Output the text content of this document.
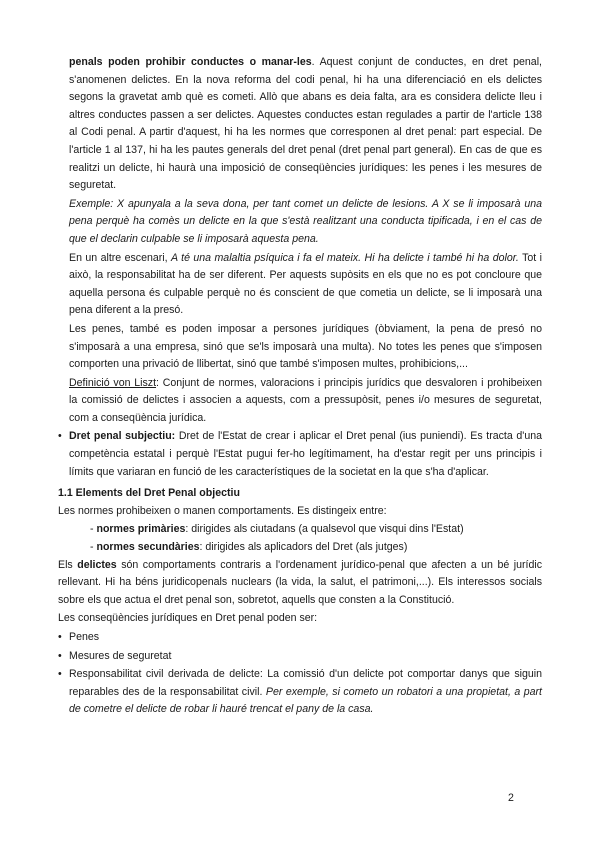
penals poden prohibir conductes o manar-les. Aquest conjunt de conductes, en dret penal, s'anomenen delictes. En la nova reforma del codi penal, hi ha una diferenciació en els delictes segons la gravetat amb què es cometi. Allò que abans es deia falta, ara es considera delicte lleu i altres conductes passen a ser delictes. Aquestes conductes estan regulades a partir de l'article 138 al Codi penal. A partir d'aquest, hi ha les normes que corresponen al dret penal: part especial. De l'article 1 al 137, hi ha les pautes generals del dret penal (dret penal part general). En cas de que es realitzi un delicte, hi haurà una imposició de conseqüències jurídiques: les penes i les mesures de seguretat.

Exemple: X apunyala a la seva dona, per tant comet un delicte de lesions. A X se li imposarà una pena perquè ha comès un delicte en la que s'està realitzant una conducta tipificada, i en el cas de que el declarin culpable se li imposarà aquesta pena.

En un altre escenari, A té una malaltia psíquica i fa el mateix. Hi ha delicte i també hi ha dolor. Tot i això, la responsabilitat ha de ser diferent. Per aquests supòsits en els que no es pot concloure que aquella persona és culpable perquè no és conscient de que cometia un delicte, se li imposarà una pena diferent a la presó.

Les penes, també es poden imposar a persones jurídiques (òbviament, la pena de presó no s'imposarà a una empresa, sinó que se'ls imposarà una multa). No totes les penes que s'imposen comporten una privació de llibertat, sinó que també s'imposen multes, prohibicions,...

Definició von Liszt: Conjunt de normes, valoracions i principis jurídics que desvaloren i prohibeixen la comissió de delictes i associen a aquests, com a pressupòsit, penes i/o mesures de seguretat, com a conseqüència jurídica.

• Dret penal subjectiu: Dret de l'Estat de crear i aplicar el Dret penal (ius puniendi). Es tracta d'una competència estatal i perquè l'Estat pugui fer-ho legítimament, ha d'estar regit per uns principis i límits que variaran en funció de les característiques de la societat en la que s'ha d'aplicar.
1.1 Elements del Dret Penal objectiu

Les normes prohibeixen o manen comportaments. Es distingeix entre:

- normes primàries: dirigides als ciutadans (a qualsevol que visqui dins l'Estat)
- normes secundàries: dirigides als aplicadors del Dret (als jutges)

Els delictes són comportaments contraris a l'ordenament jurídico-penal que afecten a un bé jurídic rellevant. Hi ha béns juridicopenals nuclears (la vida, la salut, el patrimoni,...). Els interessos socials sobre els que actua el dret penal son, sobretot, aquells que consten a la Constitució.

Les conseqüències jurídiques en Dret penal poden ser:

• Penes
• Mesures de seguretat
• Responsabilitat civil derivada de delicte: La comissió d'un delicte pot comportar danys que siguin reparables des de la responsabilitat civil. Per exemple, si cometo un robatori a una propietat, a part de cometre el delicte de robar li hauré trencat el pany de la casa.
2
